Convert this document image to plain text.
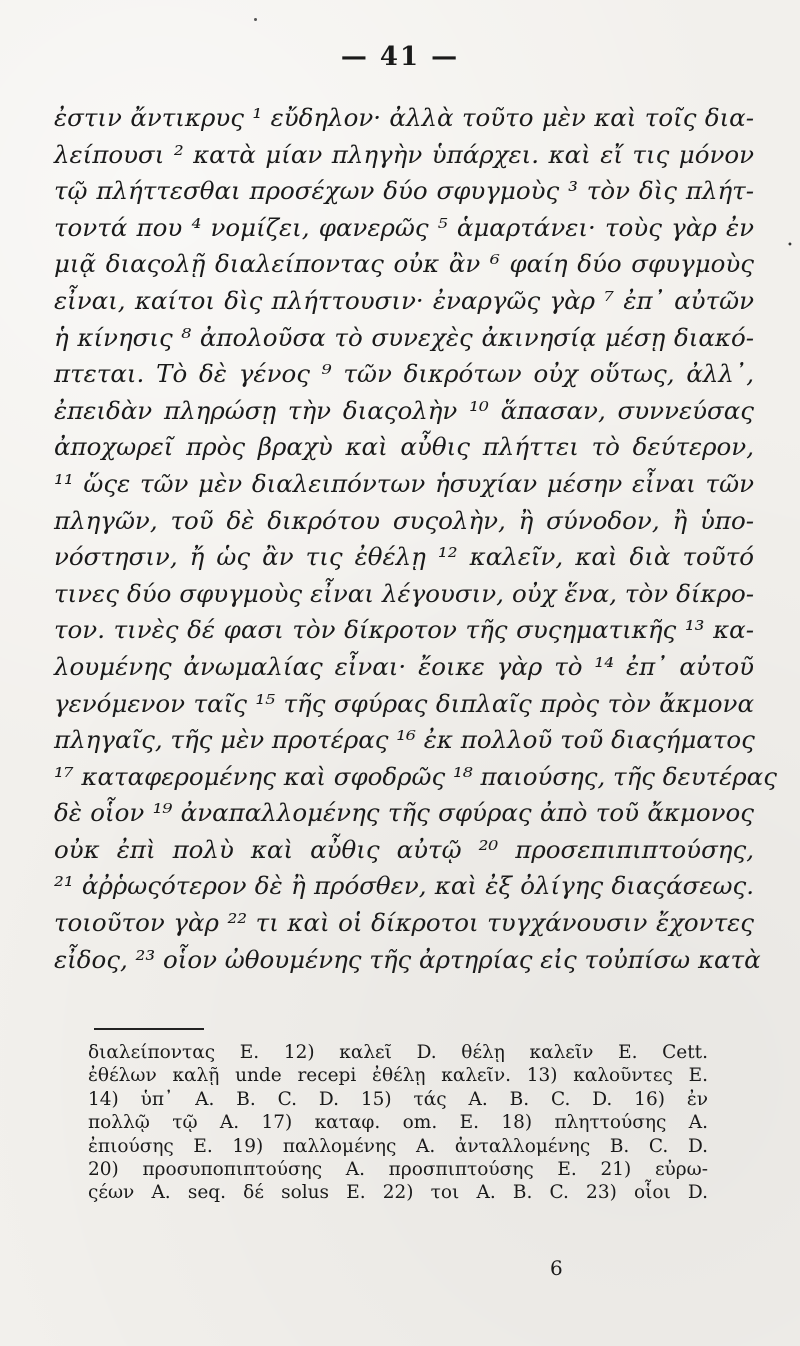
•
— 41 —
ἐστιν ἄντικρυς ¹ εὔδηλον· ἀλλὰ τοῦτο μὲν καὶ τοῖς δια-
λείπουσι ² κατὰ μίαν πληγὴν ὑπάρχει. καὶ εἴ τις μόνον
τῷ πλήττεσθαι προσέχων δύο σφυγμοὺς ³ τὸν δὶς πλήτ-
τοντά που ⁴ νομίζει, φανερῶς ⁵ ἁμαρτάνει· τοὺς γὰρ ἐν
μιᾷ διαςολῇ διαλείποντας οὐκ ἂν ⁶ φαίη δύο σφυγμοὺς
εἶναι, καίτοι δὶς πλήττουσιν· ἐναργῶς γὰρ ⁷ ἐπ᾽ αὐτῶν
ἡ κίνησις ⁸ ἀπολοῦσα τὸ συνεχὲς ἀκινησίᾳ μέσῃ διακό-
πτεται. Τὸ δὲ γένος ⁹ τῶν δικρότων οὐχ οὕτως, ἀλλ᾽,
ἐπειδὰν πληρώσῃ τὴν διαςολὴν ¹⁰ ἅπασαν, συννεύσας
ἀποχωρεῖ πρὸς βραχὺ καὶ αὖθις πλήττει τὸ δεύτερον,
¹¹ ὥςε τῶν μὲν διαλειπόντων ἡσυχίαν μέσην εἶναι τῶν
πληγῶν, τοῦ δὲ δικρότου συςολὴν, ἢ σύνοδον, ἢ ὑπο-
νόστησιν, ἤ ὡς ἂν τις ἐθέλῃ ¹² καλεῖν, καὶ διὰ τοῦτό
τινες δύο σφυγμοὺς εἶναι λέγουσιν, οὐχ ἕνα, τὸν δίκρο-
τον. τινὲς δέ φασι τὸν δίκροτον τῆς συςηματικῆς ¹³ κα-
λουμένης ἀνωμαλίας εἶναι· ἔοικε γὰρ τὸ ¹⁴ ἐπ᾽ αὐτοῦ
γενόμενον ταῖς ¹⁵ τῆς σφύρας διπλαῖς πρὸς τὸν ἄκμονα
πληγαῖς, τῆς μὲν προτέρας ¹⁶ ἐκ πολλοῦ τοῦ διαςήματος
¹⁷ καταφερομένης καὶ σφοδρῶς ¹⁸ παιούσης, τῆς δευτέρας
δὲ οἷον ¹⁹ ἀναπαλλομένης τῆς σφύρας ἀπὸ τοῦ ἄκμονος
οὐκ ἐπὶ πολὺ καὶ αὖθις αὐτῷ ²⁰ προσεπιπιπτούσης,
²¹ ἀῤῥωςότερον δὲ ἢ πρόσθεν, καὶ ἐξ ὀλίγης διαςάσεως.
τοιοῦτον γὰρ ²² τι καὶ οἱ δίκροτοι τυγχάνουσιν ἔχοντες
εἶδος, ²³ οἷον ὠθουμένης τῆς ἀρτηρίας εἰς τοὐπίσω κατὰ
διαλείποντας E. 12) καλεῖ D. θέλῃ καλεῖν E. Cett.
ἐθέλων καλῇ unde recepi ἐθέλῃ καλεῖν. 13) καλοῦντες E.
14) ὑπ᾽ A. B. C. D. 15) τάς A. B. C. D. 16) ἐν
πολλῷ τῷ A. 17) καταφ. om. E. 18) πληττούσης A.
ἐπιούσης E. 19) παλλομένης A. ἀνταλλομένης B. C. D.
20) προσυποπιπτούσης A. προσπιπτούσης E. 21) εὐρω-
ςέων A. seq. δέ solus E. 22) τοι A. B. C. 23) οἷοι D.
6
